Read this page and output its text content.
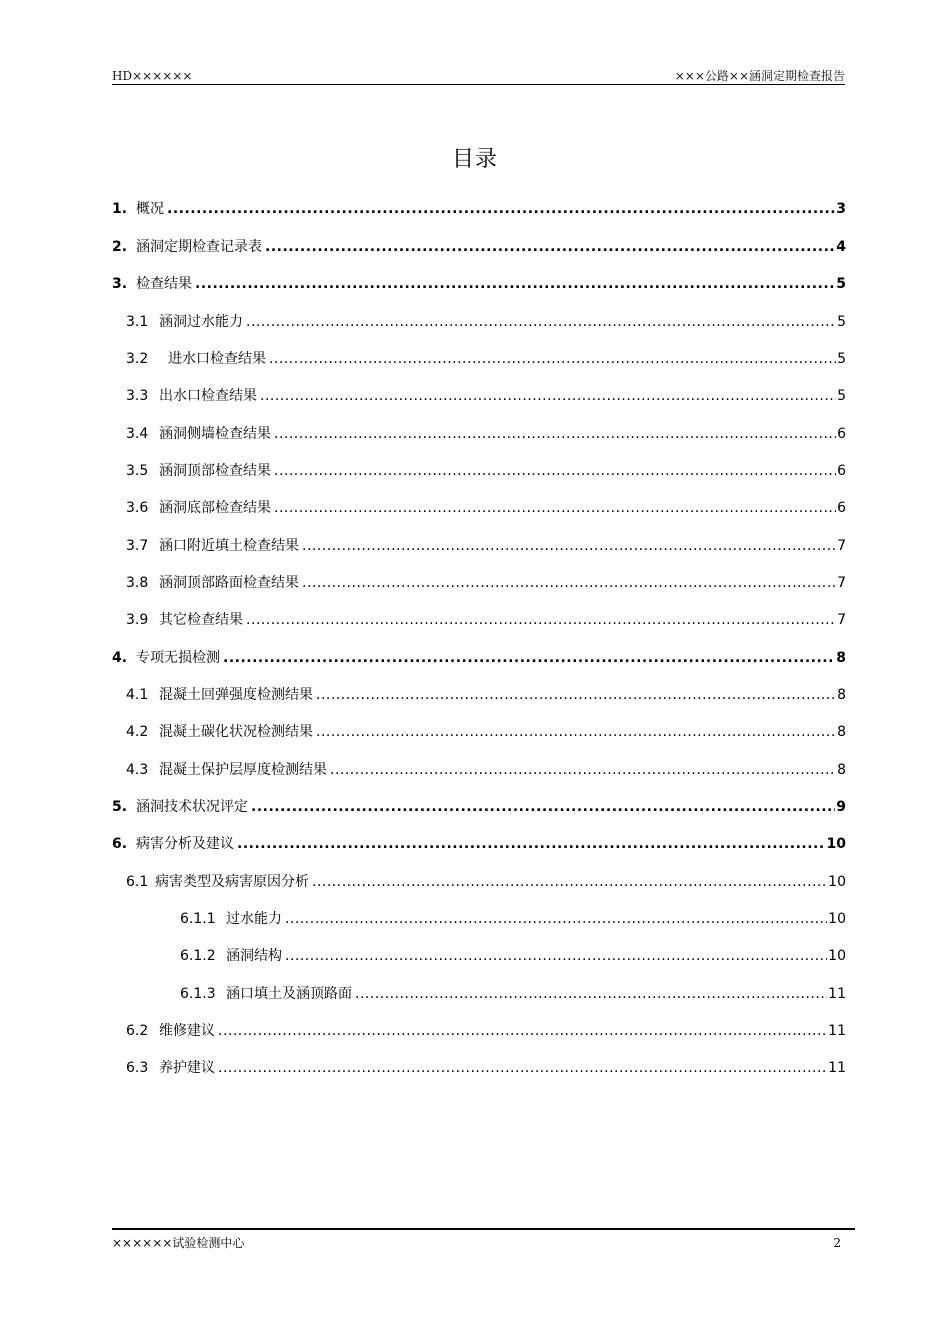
HD××××××	×××公路××涵洞定期检查报告
目录
1. 概况 .....	3
2. 涵洞定期检查记录表 .....	4
3. 检查结果 .....	5
3.1 涵洞过水能力 .....	5
3.2	进水口检查结果 .....	5
3.3 出水口检查结果 .....	5
3.4 涵洞侧墙检查结果 .....	6
3.5 涵洞顶部检查结果 .....	6
3.6 涵洞底部检查结果 .....	6
3.7 涵口附近填土检查结果 .....	7
3.8 涵洞顶部路面检查结果 .....	7
3.9 其它检查结果 .....	7
4. 专项无损检测 .....	8
4.1 混凝土回弹强度检测结果 .....	8
4.2 混凝土碳化状况检测结果 .....	8
4.3 混凝土保护层厚度检测结果 .....	8
5. 涵洞技术状况评定 .....	9
6. 病害分析及建议 .....	10
6.1 病害类型及病害原因分析 .....	10
6.1.1 过水能力 .....	10
6.1.2 涵洞结构 .....	10
6.1.3 涵口填土及涵顶路面 .....	11
6.2 维修建议 .....	11
6.3 养护建议 .....	11
××××××试验检测中心	2
